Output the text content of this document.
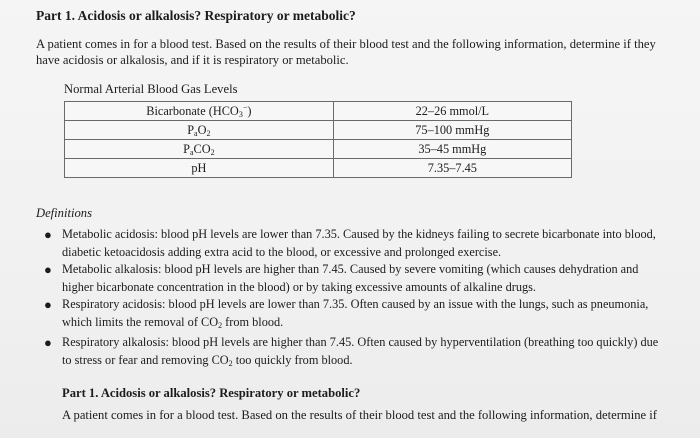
Part 1. Acidosis or alkalosis? Respiratory or metabolic?
A patient comes in for a blood test. Based on the results of their blood test and the following information, determine if they have acidosis or alkalosis, and if it is respiratory or metabolic.
Normal Arterial Blood Gas Levels
Bicarbonate $(HCO_3^-)$	22–26 mmol/L
$P_aO_2$	75–100 mmHg
$P_aCO_2$	35–45 mmHg
pH	7.35–7.45
Definitions
● Metabolic acidosis: blood pH levels are lower than 7.35. Caused by the kidneys failing to secrete bicarbonate into blood, diabetic ketoacidosis adding extra acid to the blood, or excessive and prolonged exercise.
● Metabolic alkalosis: blood pH levels are higher than 7.45. Caused by severe vomiting (which causes dehydration and higher bicarbonate concentration in the blood) or by taking excessive amounts of alkaline drugs.
● Respiratory acidosis: blood pH levels are lower than 7.35. Often caused by an issue with the lungs, such as pneumonia, which limits the removal of $CO_2$ from blood.
● Respiratory alkalosis: blood pH levels are higher than 7.45. Often caused by hyperventilation (breathing too quickly) due to stress or fear and removing $CO_2$ too quickly from blood.
Part 1. Acidosis or alkalosis? Respiratory or metabolic?
A patient comes in for a blood test. Based on the results of their blood test and the following information, determine if
